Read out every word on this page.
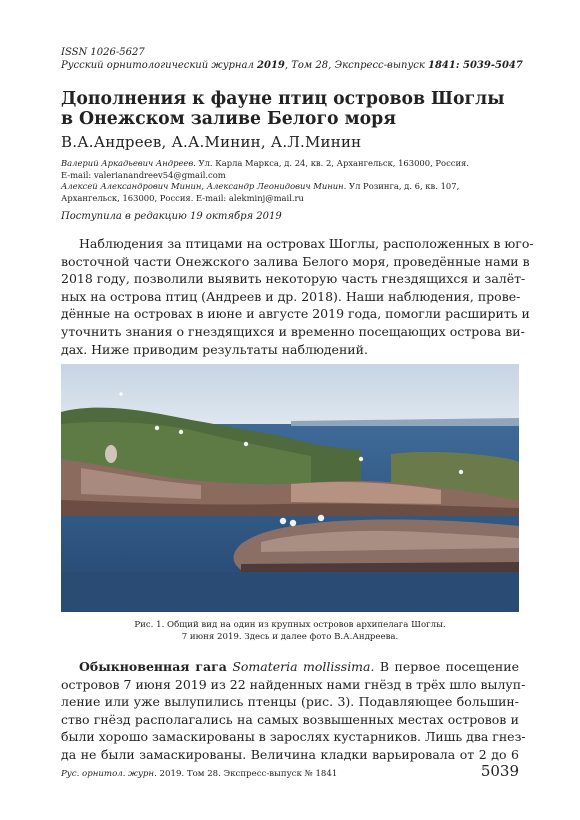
ISSN 1026-5627
Русский орнитологический журнал 2019, Том 28, Экспресс-выпуск 1841: 5039-5047
Дополнения к фауне птиц островов Шоглы
в Онежском заливе Белого моря
В.А.Андреев, А.А.Минин, А.Л.Минин
Валерий Аркадьевич Андреев. Ул. Карла Маркса, д. 24, кв. 2, Архангельск, 163000, Россия.
E-mail: valerianandreev54@gmail.com
Алексей Александрович Минин, Александр Леонидович Минин. Ул Розинга, д. 6, кв. 107,
Архангельск, 163000, Россия. E-mail: alekminj@mail.ru
Поступила в редакцию 19 октября 2019
Наблюдения за птицами на островах Шоглы, расположенных в юго-
восточной части Онежского залива Белого моря, проведённые нами в
2018 году, позволили выявить некоторую часть гнездящихся и залёт-
ных на острова птиц (Андреев и др. 2018). Наши наблюдения, прове-
дённые на островах в июне и августе 2019 года, помогли расширить и
уточнить знания о гнездящихся и временно посещающих острова ви-
дах. Ниже приводим результаты наблюдений.
Рис. 1. Общий вид на один из крупных островов архипелага Шоглы.
7 июня 2019. Здесь и далее фото В.А.Андреева.
Обыкновенная гага Somateria mollissima. В первое посещение
островов 7 июня 2019 из 22 найденных нами гнёзд в трёх шло вылуп-
ление или уже вылупились птенцы (рис. 3). Подавляющее большин-
ство гнёзд располагались на самых возвышенных местах островов и
были хорошо замаскированы в зарослях кустарников. Лишь два гнез-
да не были замаскированы. Величина кладки варьировала от 2 до 6
Рус. орнитол. журн. 2019. Том 28. Экспресс-выпуск № 1841	5039
